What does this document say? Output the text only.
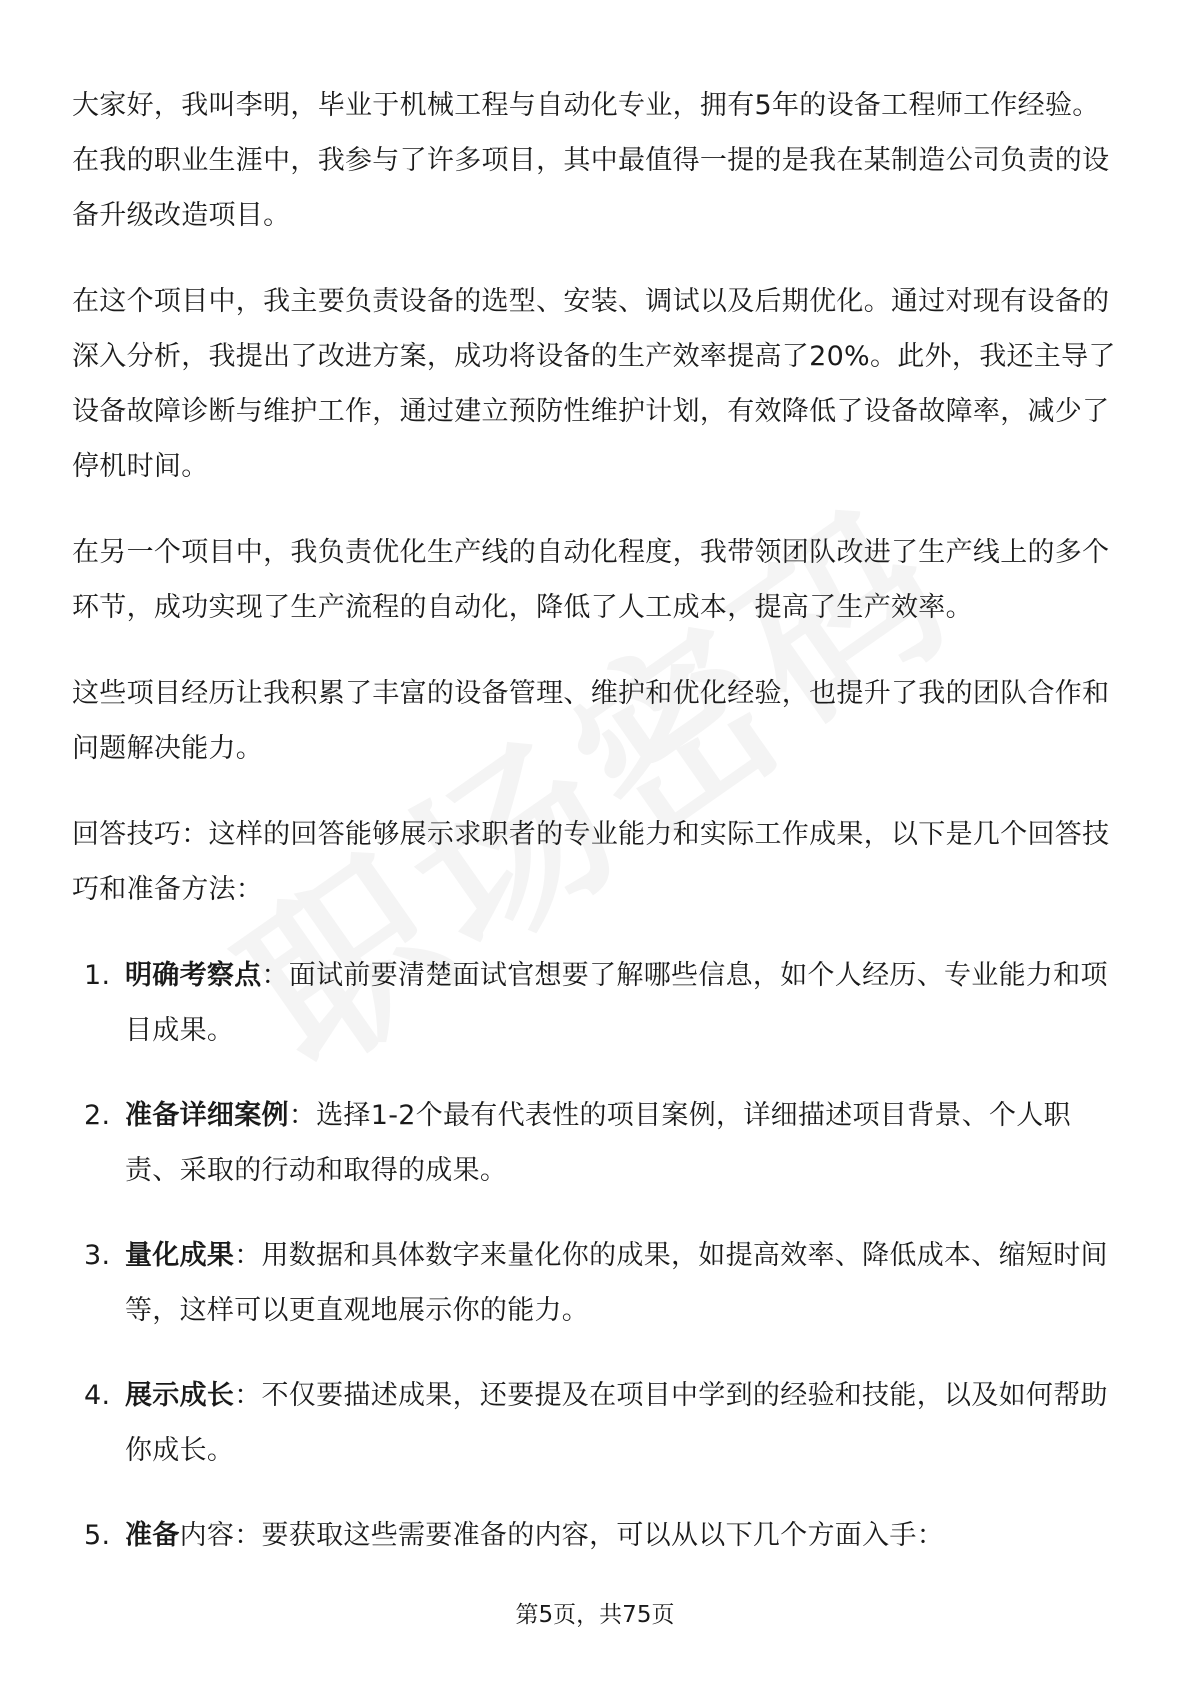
大家好，我叫李明，毕业于机械工程与自动化专业，拥有5年的设备工程师工作经验。在我的职业生涯中，我参与了许多项目，其中最值得一提的是我在某制造公司负责的设备升级改造项目。

在这个项目中，我主要负责设备的选型、安装、调试以及后期优化。通过对现有设备的深入分析，我提出了改进方案，成功将设备的生产效率提高了20%。此外，我还主导了设备故障诊断与维护工作，通过建立预防性维护计划，有效降低了设备故障率，减少了停机时间。

在另一个项目中，我负责优化生产线的自动化程度，我带领团队改进了生产线上的多个环节，成功实现了生产流程的自动化，降低了人工成本，提高了生产效率。

这些项目经历让我积累了丰富的设备管理、维护和优化经验，也提升了我的团队合作和问题解决能力。

回答技巧：这样的回答能够展示求职者的专业能力和实际工作成果，以下是几个回答技巧和准备方法：

1. 明确考察点：面试前要清楚面试官想要了解哪些信息，如个人经历、专业能力和项目成果。
2. 准备详细案例：选择1-2个最有代表性的项目案例，详细描述项目背景、个人职责、采取的行动和取得的成果。
3. 量化成果：用数据和具体数字来量化你的成果，如提高效率、降低成本、缩短时间等，这样可以更直观地展示你的能力。
4. 展示成长：不仅要描述成果，还要提及在项目中学到的经验和技能，以及如何帮助你成长。
5. 准备内容：要获取这些需要准备的内容，可以从以下几个方面入手：
第5页，共75页
